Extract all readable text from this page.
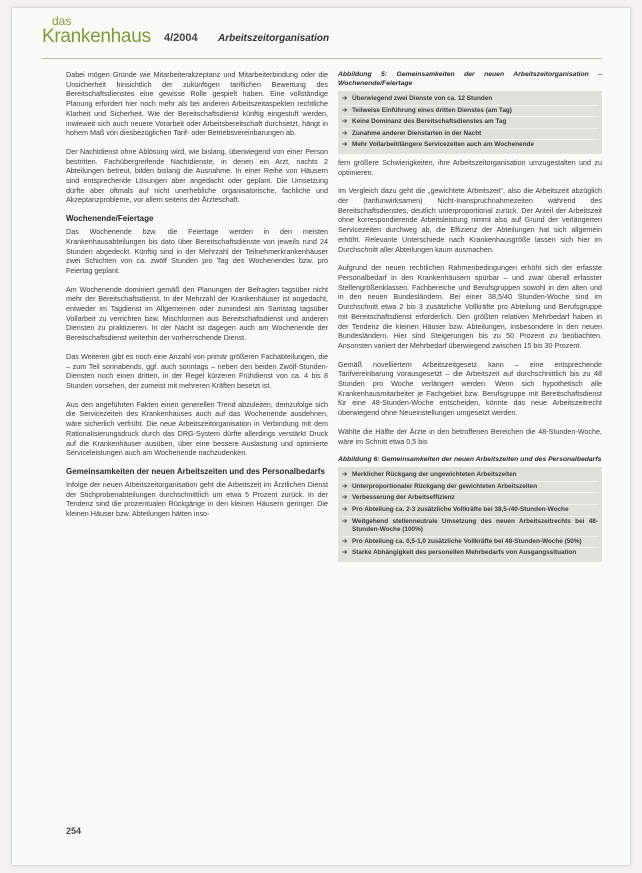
das
Krankenhaus 4/2004 Arbeitszeitorganisation

Dabei mögen Gründe wie Mitarbeiterakzeptanz und Mitarbeiterbindung oder die Unsicherheit hinsichtlich der zukünftigen tariflichen Bewertung des Bereitschaftsdienstes eine gewisse Rolle gespielt haben. Eine vollständige Planung erfordert hier noch mehr als bei anderen Arbeitszeitaspekten rechtliche Klarheit und Sicherheit. Wie der Bereitschaftsdienst künftig eingestuft werden, inwieweit sich auch neuere Vorarbeit oder Arbeitsbereitschaft durchsetzt, hängt in hohem Maß von diesbezüglichen Tarif- oder Betriebsvereinbarungen ab.

Der Nachtdienst ohne Ablösung wird, wie bislang, überwiegend von einer Person bestritten. Fachübergreifende Nachtdienste, in denen ein Arzt, nachts 2 Abteilungen betreut, bilden bislang die Ausnahme. In einer Reihe von Häusern sind entsprechende Lösungen aber angedacht oder geplant. Die Umsetzung dürfte aber oftmals auf nicht unerhebliche organisatorische, fachliche und Akzeptanzprobleme, vor allem seitens der Ärzteschaft.

Wochenende/Feiertage

Das Wochenende bzw. die Feiertage werden in den meisten Krankenhausabteilungen bis dato über Bereitschaftsdienste von jeweils rund 24 Stunden abgedeckt. Künftig sind in der Mehrzahl der Teilnehmerkrankenhäuser zwei Schichten von ca. zwölf Stunden pro Tag des Wochenendes bzw. pro Feiertag geplant.

Am Wochenende dominiert gemäß den Planungen der Befragten tagsüber nicht mehr der Bereitschaftsdienst. In der Mehrzahl der Krankenhäuser ist angedacht, entweder im Tagdienst im Allgemeinen oder zumindest am Samstag tagsüber Vollarbeit zu verrichten bzw. Mischformen aus Bereitschaftsdienst und anderen Diensten zu praktizieren. In der Nacht ist dagegen auch am Wochenende der Bereitschaftsdienst weiterhin der vorherrschende Dienst.

Das Weiteren gibt es noch eine Anzahl von primär größeren Fachabteilungen, die – zum Teil sonnabends, ggf. auch sonntags – neben den beiden Zwölf-Stunden-Diensten noch einen dritten, in der Regel kürzeren Frühdienst von ca. 4 bis 8 Stunden vorsehen, der zumeist mit mehreren Kräften besetzt ist.

Aus den angeführten Fakten einen generellen Trend abzuleiten, demzufolge sich die Servicezeiten des Krankenhauses auch auf das Wochenende ausdehnen, wäre sicherlich verfrüht. Die neue Arbeitszeitorganisation in Verbindung mit dem Rationalisierungsdruck durch das DRG-System dürfte allerdings verstärkt Druck auf die Krankenhäuser ausüben, über eine bessere Auslastung und optimierte Serviceleistungen auch am Wochenende nachzudenken.

Gemeinsamkeiten der neuen Arbeitszeiten und des Personalbedarfs

Infolge der neuen Arbeitszeitorganisation geht die Arbeitszeit im Ärztlichen Dienst der Stichprobenabteilungen durchschnittlich um etwa 5 Prozent zurück. In der Tendenz sind die prozentualen Rückgänge in den kleinen Häusern geringer. Die kleinen Häuser bzw. Abteilungen hätten inso-

Abbildung 5: Gemeinsamkeiten der neuen Arbeitszeitorganisation – Wochenende/Feiertage
➔ Überwiegend zwei Dienste von ca. 12 Stunden
➔ Teilweise Einführung eines dritten Dienstes (am Tag)
➔ Keine Dominanz des Bereitschaftsdienstes am Tag
➔ Zunahme anderer Dienstarten in der Nacht
➔ Mehr Vollarbeit/längere Servicezeiten auch am Wochenende

fern größere Schwierigkeiten, ihre Arbeitszeitorganisation umzugestalten und zu optimieren.

Im Vergleich dazu geht die „gewichtete Arbeitszeit“, also die Arbeitszeit abzüglich der (tarifunwirksamen) Nicht-Inanspruchnahmezeiten während des Bereitschaftsdienstes, deutlich unterproportional zurück. Der Anteil der Arbeitszeit ohne korrespondierende Arbeitsleistung nimmt also auf Grund der verlängerten Servicezeiten durchweg ab, die Effizienz der Abteilungen hat sich allgemein erhöht. Relevante Unterschiede nach Krankenhausgröße lassen sich hier im Durchschnitt aller Abteilungen kaum ausmachen.

Aufgrund der neuen rechtlichen Rahmenbedingungen erhöht sich der erfasste Personalbedarf in den Krankenhäusern spürbar – und zwar überall erfasster Stellengrößenklassen. Fachbereiche und Berufsgruppen sowohl in den alten und in den neuen Bundesländern. Bei einer 38,5/40 Stunden-Woche sind im Durchschnitt etwa 2 bis 3 zusätzliche Vollkräfte pro Abteilung und Berufsgruppe mit Bereitschaftsdienst erforderlich. Den größten relativen Mehrbedarf haben in der Tendenz die kleinen Häuser bzw. Abteilungen, insbesondere in den neuen Bundesländern. Hier sind Steigerungen bis zu 50 Prozent zu beobachten. Ansonsten variiert der Mehrbedarf überwiegend zwischen 15 bis 30 Prozent.

Gemäß novelliertem Arbeitszeitgesetz kann – eine entsprechende Tarifvereinbarung vorausgesetzt – die Arbeitszeit auf durchschnittlich bis zu 48 Stunden pro Woche verlängert werden. Wenn sich hypothetisch alle Krankenhausmitarbeiter je Fachgebiet bzw. Berufsgruppe mit Bereitschaftsdienst für eine 48-Stunden-Woche entscheiden, könnte das neue Arbeitszeitrecht überwiegend ohne Neueinstellungen umgesetzt werden.

Wählte die Hälfte der Ärzte in den betroffenen Bereichen die 48-Stunden-Woche, wäre im Schnitt etwa 0,5 bis

Abbildung 6: Gemeinsamkeiten der neuen Arbeitszeiten und des Personalbedarfs
➔ Merklicher Rückgang der ungewichteten Arbeitszeiten
➔ Unterproportionaler Rückgang der gewichteten Arbeitszeiten
➔ Verbesserung der Arbeitseffizienz
➔ Pro Abteilung ca. 2-3 zusätzliche Vollkräfte bei 38,5-/40-Stunden-Woche
➔ Weitgehend stellenneutrale Umsetzung des neuen Arbeitszeitrechts bei 48-Stunden-Woche (100%)
➔ Pro Abteilung ca. 0,5-1,0 zusätzliche Vollkräfte bei 48-Stunden-Woche (50%)
➔ Starke Abhängigkeit des personellen Mehrbedarfs von Ausgangssituation
254
